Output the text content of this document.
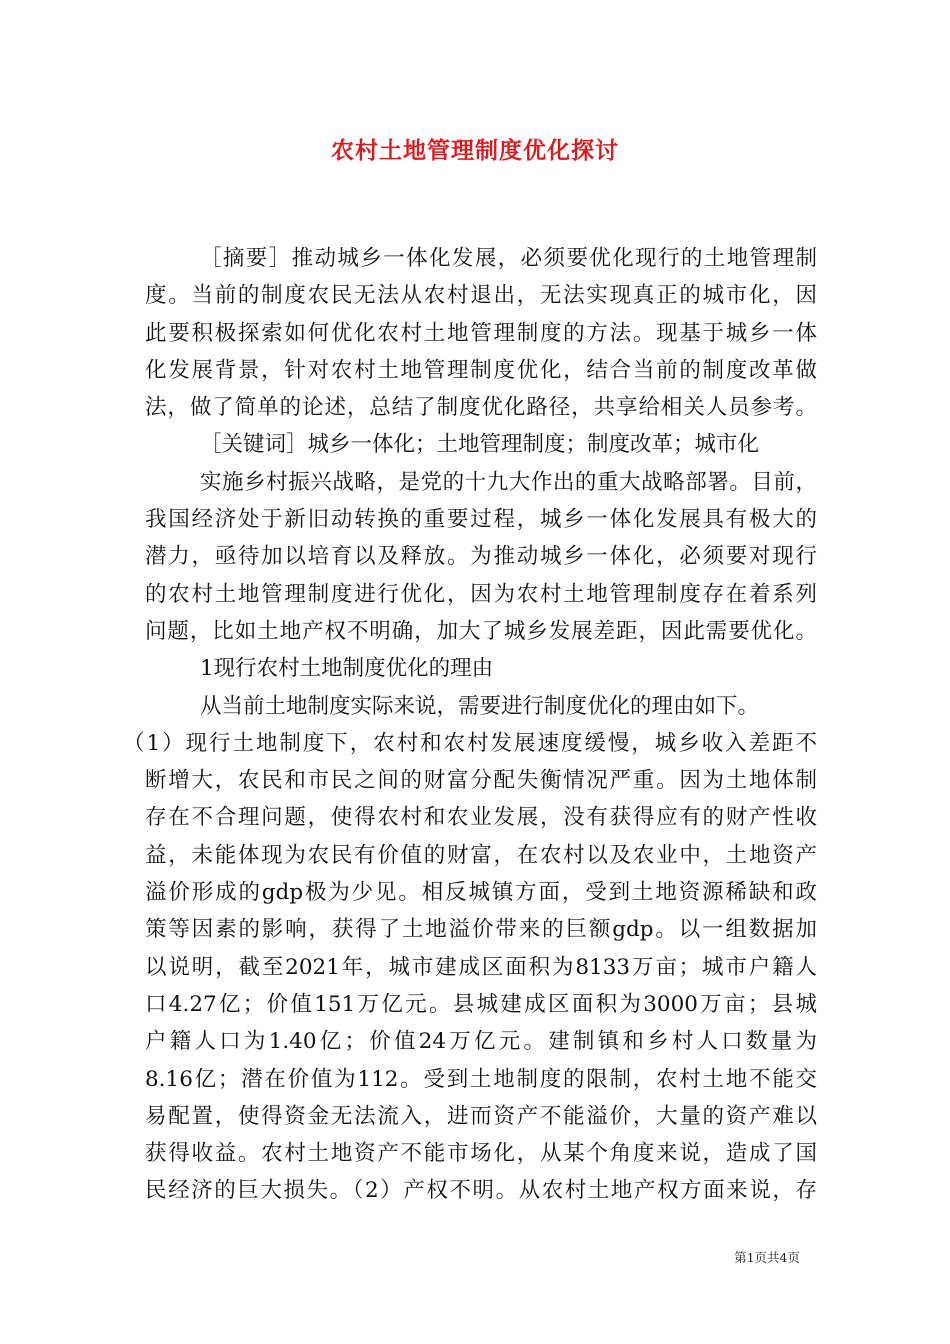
农村土地管理制度优化探讨
［摘要］推动城乡一体化发展，必须要优化现行的土地管理制
度。当前的制度农民无法从农村退出，无法实现真正的城市化，因
此要积极探索如何优化农村土地管理制度的方法。现基于城乡一体
化发展背景，针对农村土地管理制度优化，结合当前的制度改革做
法，做了简单的论述，总结了制度优化路径，共享给相关人员参考。
［关键词］城乡一体化；土地管理制度；制度改革；城市化
实施乡村振兴战略，是党的十九大作出的重大战略部署。目前，
我国经济处于新旧动转换的重要过程，城乡一体化发展具有极大的
潜力，亟待加以培育以及释放。为推动城乡一体化，必须要对现行
的农村土地管理制度进行优化，因为农村土地管理制度存在着系列
问题，比如土地产权不明确，加大了城乡发展差距，因此需要优化。
1现行农村土地制度优化的理由
从当前土地制度实际来说，需要进行制度优化的理由如下。
（1）现行土地制度下，农村和农村发展速度缓慢，城乡收入差距不
断增大，农民和市民之间的财富分配失衡情况严重。因为土地体制
存在不合理问题，使得农村和农业发展，没有获得应有的财产性收
益，未能体现为农民有价值的财富，在农村以及农业中，土地资产
溢价形成的gdp极为少见。相反城镇方面，受到土地资源稀缺和政
策等因素的影响，获得了土地溢价带来的巨额gdp。以一组数据加
以说明，截至2021年，城市建成区面积为8133万亩；城市户籍人
口4.27亿；价值151万亿元。县城建成区面积为3000万亩；县城
户籍人口为1.40亿；价值24万亿元。建制镇和乡村人口数量为
8.16亿；潜在价值为112。受到土地制度的限制，农村土地不能交
易配置，使得资金无法流入，进而资产不能溢价，大量的资产难以
获得收益。农村土地资产不能市场化，从某个角度来说，造成了国
民经济的巨大损失。（2）产权不明。从农村土地产权方面来说，存
第1页共4页
